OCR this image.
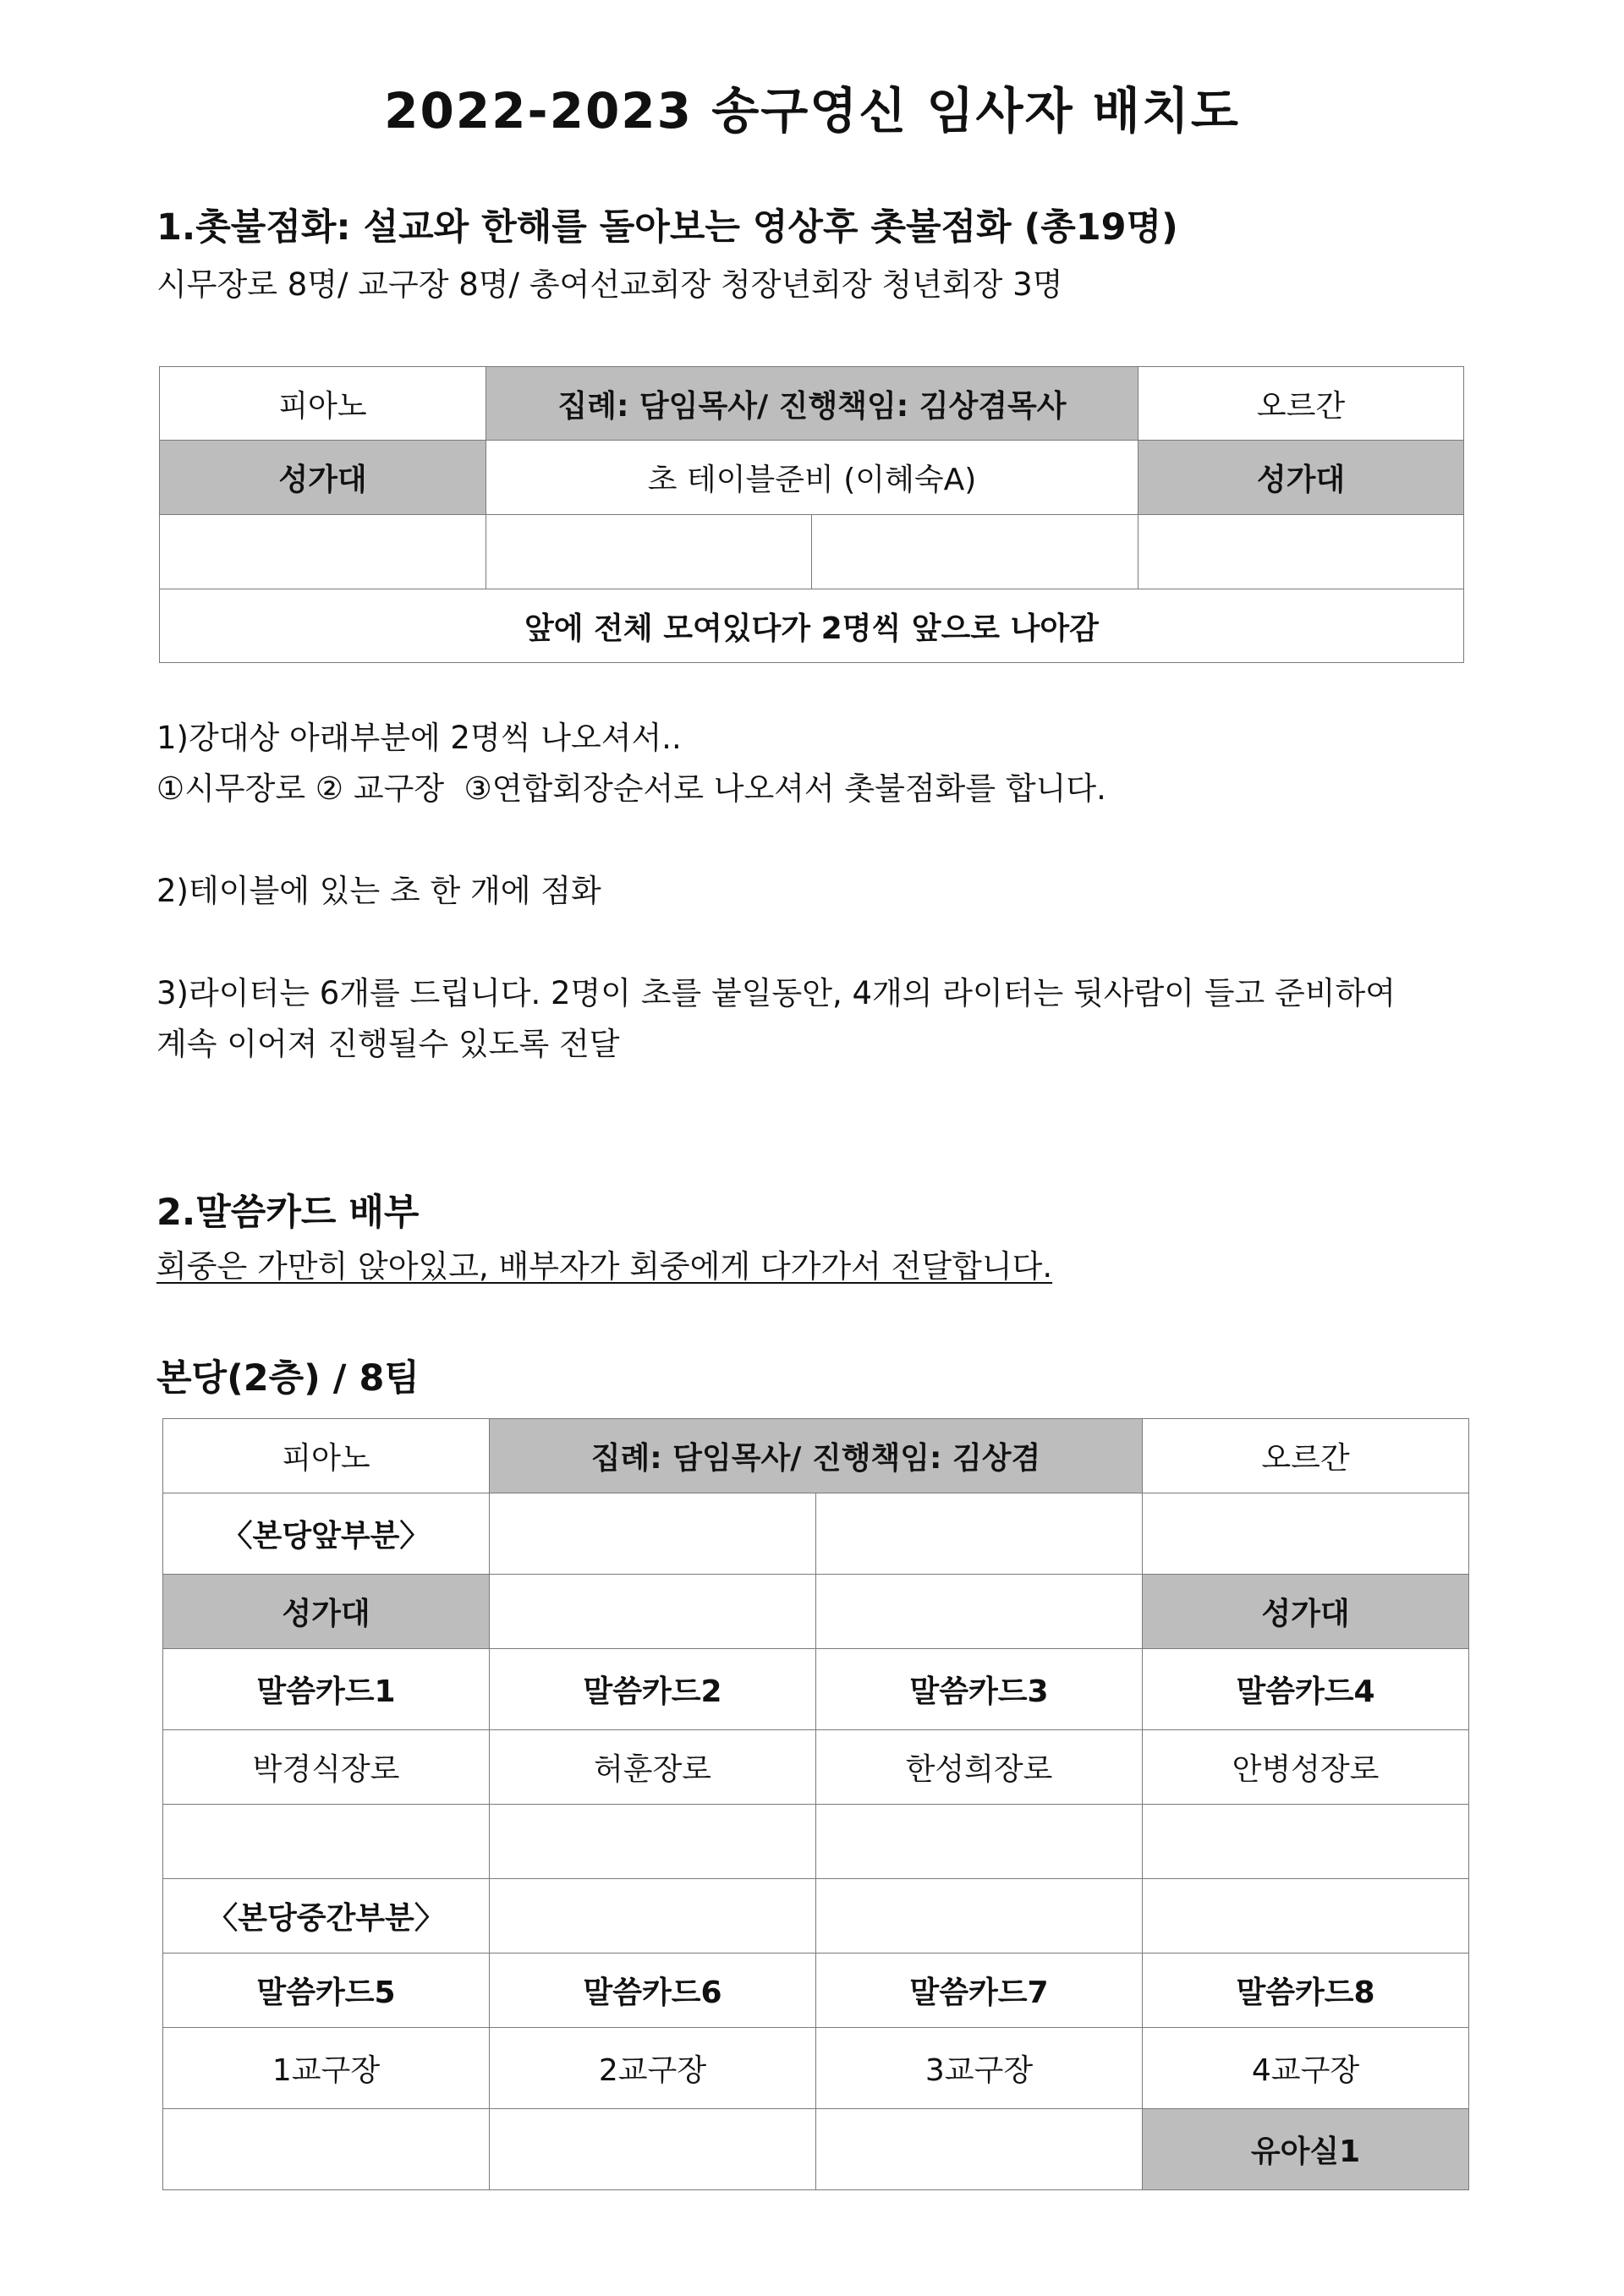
2022-2023 송구영신 임사자 배치도
1.촛불점화: 설교와 한해를 돌아보는 영상후 촛불점화 (총19명)
시무장로 8명/ 교구장 8명/ 총여선교회장 청장년회장 청년회장 3명
피아노	집례: 담임목사/ 진행책임: 김상겸목사		오르간
성가대	초 테이블준비 (이혜숙A)		성가대

앞에 전체 모여있다가 2명씩 앞으로 나아감			
1)강대상 아래부분에 2명씩 나오셔서..
①시무장로 ② 교구장  ③연합회장순서로 나오셔서 촛불점화를 합니다.
2)테이블에 있는 초 한 개에 점화
3)라이터는 6개를 드립니다. 2명이 초를 붙일동안, 4개의 라이터는 뒷사람이 들고 준비하여
계속 이어져 진행될수 있도록 전달
2.말씀카드 배부
회중은 가만히 앉아있고, 배부자가 회중에게 다가가서 전달합니다.
본당(2층) / 8팀
피아노	집례: 담임목사/ 진행책임: 김상겸		오르간
〈본당앞부분〉			
성가대			성가대
말씀카드1	말씀카드2	말씀카드3	말씀카드4
박경식장로	허훈장로	한성희장로	안병성장로

〈본당중간부분〉			
말씀카드5	말씀카드6	말씀카드7	말씀카드8
1교구장	2교구장	3교구장	4교구장
			유아실1
